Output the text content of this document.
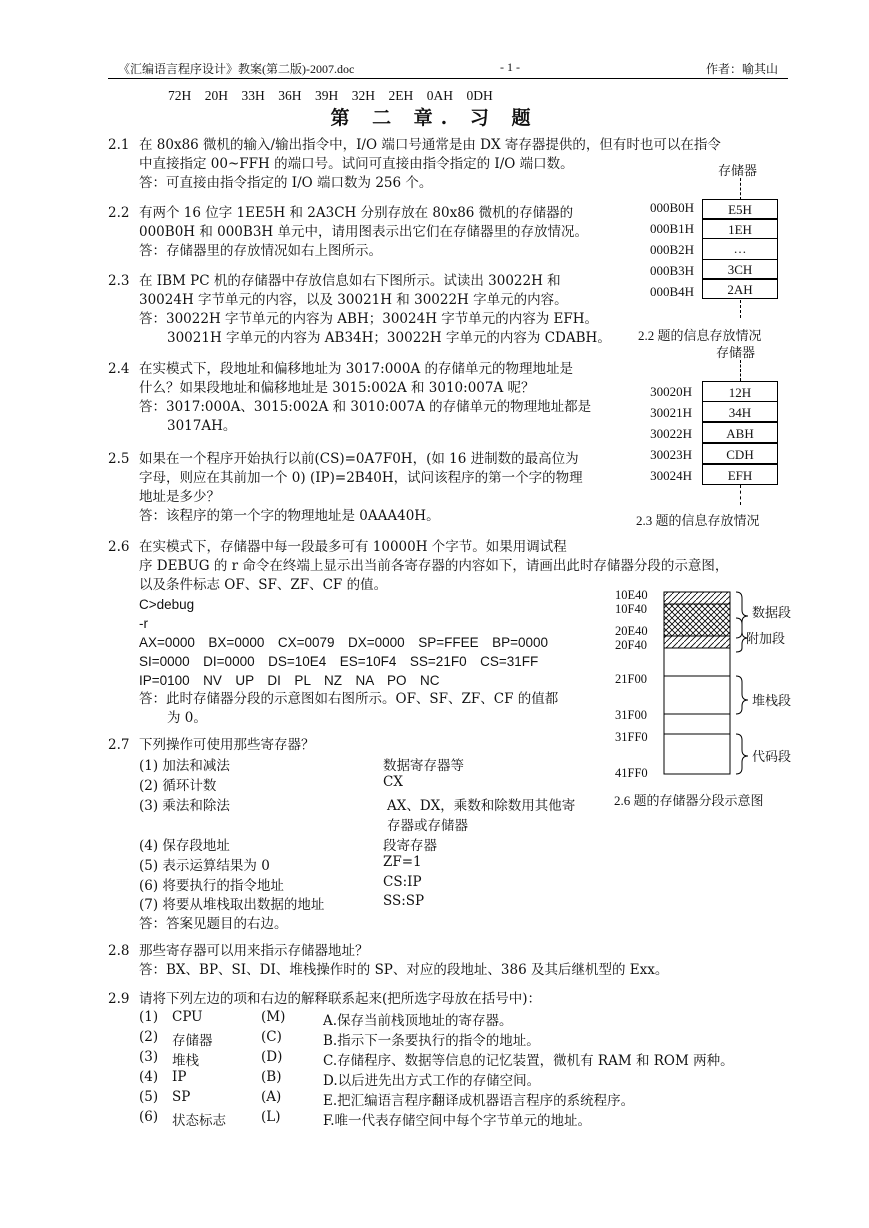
《汇编语言程序设计》教案(第二版)-2007.doc	- 1 -	作者：喻其山
72H　20H　33H　36H　39H　32H　2EH　0AH　0DH
第 二 章. 习 题
2.1 在 80x86 微机的输入/输出指令中，I/O 端口号通常是由 DX 寄存器提供的，但有时也可以在指令
中直接指定 00~FFH 的端口号。试问可直接由指令指定的 I/O 端口数。
答：可直接由指令指定的 I/O 端口数为 256 个。
2.2 有两个 16 位字 1EE5H 和 2A3CH 分别存放在 80x86 微机的存储器的
000B0H 和 000B3H 单元中，请用图表示出它们在存储器里的存放情况。
答：存储器里的存放情况如右上图所示。
2.3 在 IBM PC 机的存储器中存放信息如右下图所示。试读出 30022H 和
30024H 字节单元的内容，以及 30021H 和 30022H 字单元的内容。
答：30022H 字节单元的内容为 ABH；30024H 字节单元的内容为 EFH。
30021H 字单元的内容为 AB34H；30022H 字单元的内容为 CDABH。
2.4 在实模式下，段地址和偏移地址为 3017:000A 的存储单元的物理地址是
什么？如果段地址和偏移地址是 3015:002A 和 3010:007A 呢？
答：3017:000A、3015:002A 和 3010:007A 的存储单元的物理地址都是
3017AH。
2.5 如果在一个程序开始执行以前(CS)=0A7F0H，(如 16 进制数的最高位为
字母，则应在其前加一个 0) (IP)=2B40H，试问该程序的第一个字的物理
地址是多少？
答：该程序的第一个字的物理地址是 0AAA40H。
2.6 在实模式下，存储器中每一段最多可有 10000H 个字节。如果用调试程
序 DEBUG 的 r 命令在终端上显示出当前各寄存器的内容如下，请画出此时存储器分段的示意图，
以及条件标志 OF、SF、ZF、CF 的值。
C>debug
-r
AX=0000　BX=0000　CX=0079　DX=0000　SP=FFEE　BP=0000
SI=0000　DI=0000　DS=10E4　ES=10F4　SS=21F0　CS=31FF
IP=0100　NV　UP　DI　PL　NZ　NA　PO　NC
答：此时存储器分段的示意图如右图所示。OF、SF、ZF、CF 的值都
为 0。
2.7 下列操作可使用那些寄存器？
(1) 加法和减法	数据寄存器等
(2) 循环计数	CX
(3) 乘法和除法	AX、DX，乘数和除数用其他寄
存器或存储器
(4) 保存段地址	段寄存器
(5) 表示运算结果为 0	ZF=1
(6) 将要执行的指令地址	CS:IP
(7) 将要从堆栈取出数据的地址	SS:SP
答：答案见题目的右边。
2.8 那些寄存器可以用来指示存储器地址？
答：BX、BP、SI、DI、堆栈操作时的 SP、对应的段地址、386 及其后继机型的 Exx。
2.9 请将下列左边的项和右边的解释联系起来(把所选字母放在括号中)：
(1) CPU	(M)	A.保存当前栈顶地址的寄存器。
(2) 存储器	(C)	B.指示下一条要执行的指令的地址。
(3) 堆栈	(D)	C.存储程序、数据等信息的记忆装置，微机有 RAM 和 ROM 两种。
(4) IP	(B)	D.以后进先出方式工作的存储空间。
(5) SP	(A)	E.把汇编语言程序翻译成机器语言程序的系统程序。
(6) 状态标志	(L)	F.唯一代表存储空间中每个字节单元的地址。
存储器
000B0H	E5H
000B1H	1EH
000B2H	…
000B3H	3CH
000B4H	2AH
2.2 题的信息存放情况
存储器
30020H	12H
30021H	34H
30022H	ABH
30023H	CDH
30024H	EFH
2.3 题的信息存放情况
10E40
10F40
20E40
20F40
21F00
31F00
31FF0
41FF0
数据段
附加段
堆栈段
代码段
2.6 题的存储器分段示意图
